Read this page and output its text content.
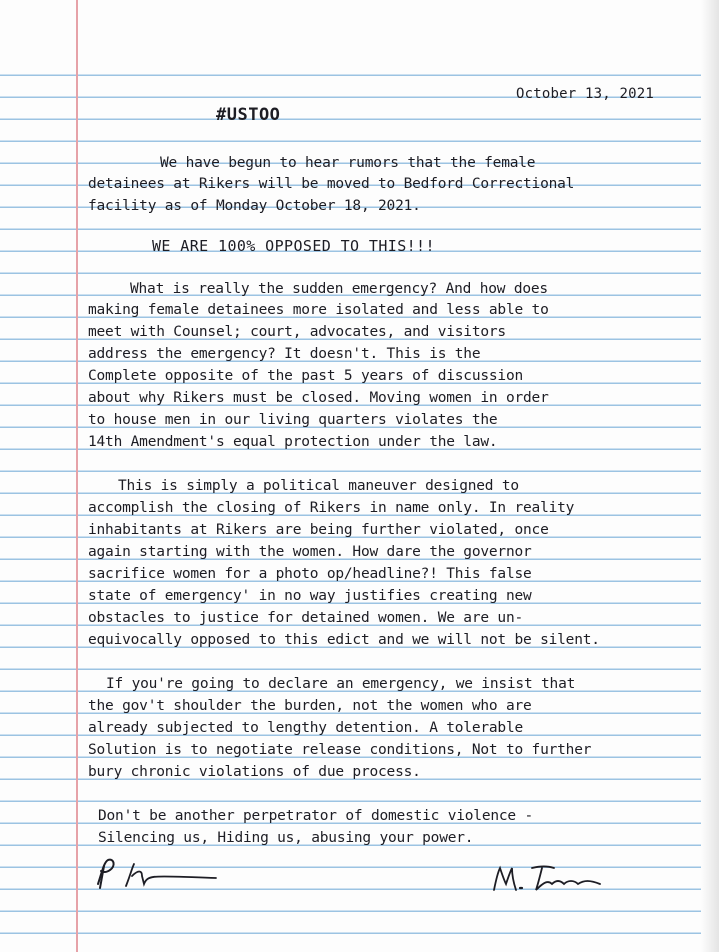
October 13, 2021
#USTOO
We have begun to hear rumors that the female
detainees at Rikers will be moved to Bedford Correctional
facility as of Monday October 18, 2021.
WE ARE 100% OPPOSED TO THIS!!!
What is really the sudden emergency? And how does
making female detainees more isolated and less able to
meet with Counsel; court, advocates, and visitors
address the emergency? It doesn't. This is the
Complete opposite of the past 5 years of discussion
about why Rikers must be closed. Moving women in order
to house men in our living quarters violates the
14th Amendment's equal protection under the law.
This is simply a political maneuver designed to
accomplish the closing of Rikers in name only. In reality
inhabitants at Rikers are being further violated, once
again starting with the women. How dare the governor
sacrifice women for a photo op/headline?! This false
state of emergency' in no way justifies creating new
obstacles to justice for detained women. We are un-
equivocally opposed to this edict and we will not be silent.
If you're going to declare an emergency, we insist that
the gov't shoulder the burden, not the women who are
already subjected to lengthy detention. A tolerable
Solution is to negotiate release conditions, Not to further
bury chronic violations of due process.
Don't be another perpetrator of domestic violence -
Silencing us, Hiding us, abusing your power.
